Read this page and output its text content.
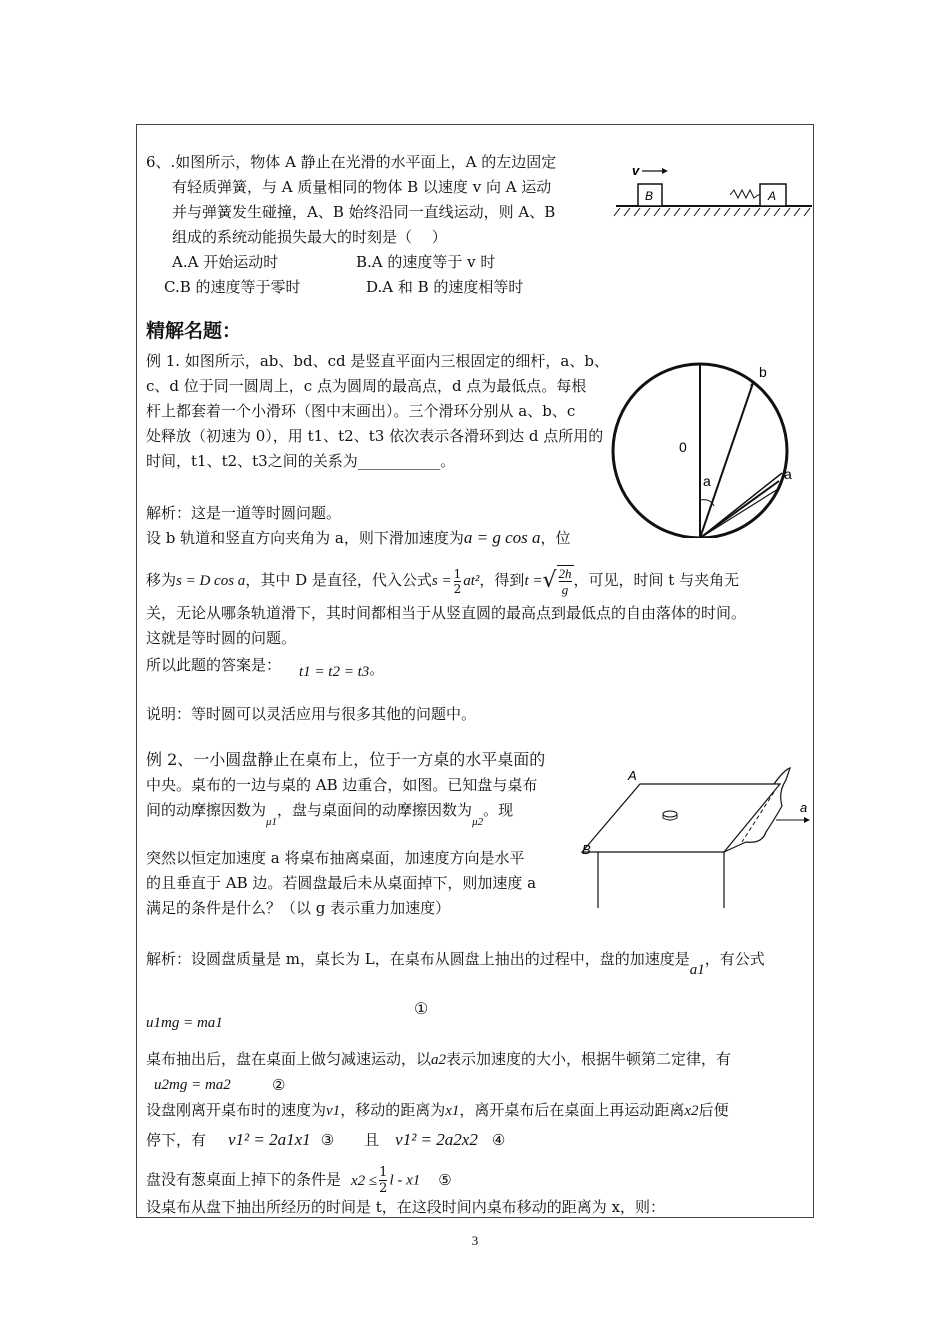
6、.如图所示，物体 A 静止在光滑的水平面上，A 的左边固定
有轻质弹簧，与 A 质量相同的物体 B 以速度 v 向 A 运动
并与弹簧发生碰撞，A、B 始终沿同一直线运动，则 A、B
组成的系统动能损失最大的时刻是（　 ）
A.A 开始运动时	B.A 的速度等于 v 时
C.B 的速度等于零时	D.A 和 B 的速度相等时
B	A
v
精解名题：
例 1. 如图所示，ab、bd、cd 是竖直平面内三根固定的细杆，a、b、
c、d 位于同一圆周上，c 点为圆周的最高点，d 点为最低点。每根
杆上都套着一个小滑环（图中末画出）。三个滑环分别从 a、b、c
处释放（初速为 0），用 t1、t2、t3 依次表示各滑环到达 d 点所用的
时间，t1、t2、t3之间的关系为___________。
b
0
a	a
解析：这是一道等时圆问题。
设 b 轨道和竖直方向夹角为 a，则下滑加速度为a = g cos a，位
移为s = D cos a，其中 D 是直径，代入公式$s = \frac{1}{2} at^2$，得到t =√ $\frac{2h}{g}$ ，可见，时间 t 与夹角无
关，无论从哪条轨道滑下，其时间都相当于从竖直圆的最高点到最低点的自由落体的时间。
这就是等时圆的问题。
所以此题的答案是： t1 = t2 = t3。
说明：等时圆可以灵活应用与很多其他的问题中。
例 2、一小圆盘静止在桌布上，位于一方桌的水平桌面的
中央。桌布的一边与桌的 AB 边重合，如图。已知盘与桌布
间的动摩擦因数为$_{\mu 1}$，盘与桌面间的动摩擦因数为$_{\mu 2}$。现
突然以恒定加速度 a 将桌布抽离桌面，加速度方向是水平
的且垂直于 AB 边。若圆盘最后未从桌面掉下，则加速度 a
满足的条件是什么？（以 g 表示重力加速度）
A
B
a
解析：设圆盘质量是 m，桌长为 L，在桌布从圆盘上抽出的过程中，盘的加速度是a1，有公式
u1mg = ma1
①
桌布抽出后，盘在桌面上做匀减速运动，以a2表示加速度的大小，根据牛顿第二定律，有
u2mg = ma2	②
设盘刚离开桌布时的速度为v1，移动的距离为x1，离开桌布后在桌面上再运动距离x2后便
停下，有 v1² = 2a1x1 ③ 且 v1² = 2a2x2 ④
盘没有葱桌面上掉下的条件是 $x2 \le \frac{1}{2}$ l - x1 ⑤
设桌布从盘下抽出所经历的时间是 t，在这段时间内桌布移动的距离为 x，则：
3
